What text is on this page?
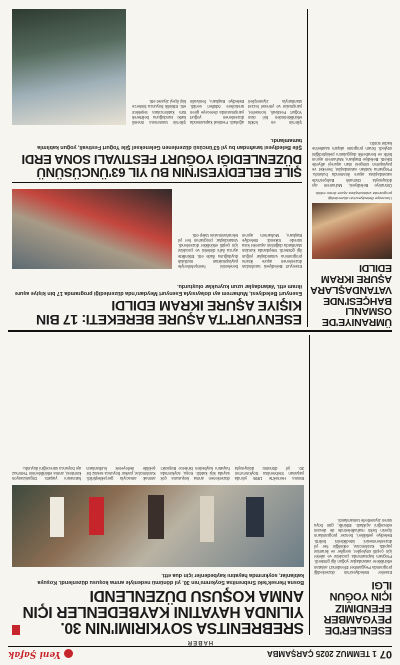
07
1 TEMMUZ 2025 ÇARŞAMBA
Yeni Şafak
HABER
ESENLER'DE PEYGAMBER EFENDIMIZ IÇIN YOĞUN ILGI
Esenler Belediyesi'nin düzenlediği programda Peygamber Efendimiz'i anlatan etkinliklere vatandaşlar yoğun ilgi gösterdi. Program kapsamında çocuklar ve aileler için çeşitli söyleşiler, sergiler ve ikramlar yapıldı. Katılımcılar, etkinliğin her yıl düzenlenmesini istediklerini belirtti. Belediye yetkilileri, benzer programların ilçenin farklı mahallelerinde de devam edeceğini açıkladı. Etkinlik, gün boyu süren ziyaretlerle tamamlandı.
SREBRENITSA SOYKIRIMI'NIN 30. YILINDA HAYATINI KAYBEDENLER IÇIN ANMA KOŞUSU DÜZENLENDI
Bosna Hersek'teki Srebrenitsa Soykırımı'nın 30. yıl dönümü nedeniyle anma koşusu düzenlendi. Koşuya katılanlar, soykırımda hayatını kaybedenler için dua etti.
Bosna Hersek'te 1995 yılında yaşanan Srebrenitsa Soykırımı'nın 30. yıl dönümü dolayısıyla düzenlenen anma koşusuna çok sayıda kişi katıldı. Koşu, soykırımda hayatını kaybeden binlerce Boşnak'ı anmak amacıyla gerçekleştirildi. Katılımcılar, parkur boyunca sessiz bir şekilde ilerleyerek kurbanların hatırasını yaşattı. Organizasyon komitesi, anma etkinliklerinin Temmuz ayı boyunca süreceğini duyurdu.
ÜMRANIYE'DE OSMANLI BAHÇESI'NDE VATANDAŞLARA AŞURE IKRAM EDILDI
Ümraniye Belediyesi'nin düzenlediği programda vatandaşlara aşure ikram edildi.
Ümraniye Belediyesi, Muharrem ayı dolayısıyla Osmanlı Bahçesi'nde vatandaşlara aşure ikramında bulundu. Programa katılan vatandaşlar, bereket ve paylaşımın simgesi olan aşureyi afiyetle tüketti. Belediye Başkanı, Muharrem ayının birlik ve beraberlik duygularını pekiştirdiğini söyledi. İkram programı akşam saatlerine kadar sürdü.
ESENYURT'TA AŞURE BEREKETI: 17 BIN KIŞIYE AŞURE IKRAM EDILDI
Esenyurt Belediyesi, Muharrem ayı dolayısıyla Esenyurt Meydanı'nda düzenlediği programda 17 bin kişiye aşure ikram etti. Vatandaşlar uzun kuyruklar oluşturdu.
Esenyurt Belediyesi tarafından düzenlenen aşure ikramı programına vatandaşlar yoğun ilgi gösterdi. Meydanda kurulan stantlarda dağıtılan aşureler kısa sürede tükendi. Belediye Başkanı, Muharrem ayının bereketini hemşehrileriyle paylaşmaktan mutluluk duyduğunu ifade etti. Etkinlikte ayrıca ilahi dinletisi ve çocuklar için çeşitli etkinlikler düzenlendi. Vatandaşlar, programın her yıl tekrarlanmasını talep etti.
ŞILE BELEDIYESI'NIN BU YIL 63'ÜNCÜSÜNÜ DÜZENLEDIĞI YOĞURT FESTIVALI SONA ERDI
Şile Belediyesi tarafından bu yıl 63'üncüsü düzenlenen Geleneksel Şile Yoğurt Festivali, yoğun katılımla tamamlandı.
Şile'nin en köklü etkinliklerinden biri olan Yoğurt Festivali, konserler, yarışmalar ve yöresel lezzet stantlarıyla ziyaretçileri ağırladı. Festival kapsamında düzenlenen yoğurt yarışmasında dereceye giren üreticilere ödülleri verildi. Belediye Başkanı, festivalin Şile'nin tanıtımına önemli katkı sunduğunu belirterek tüm katılımcılara teşekkür etti. Etkinlik boyunca binlerce kişi ilçeyi ziyaret etti.
